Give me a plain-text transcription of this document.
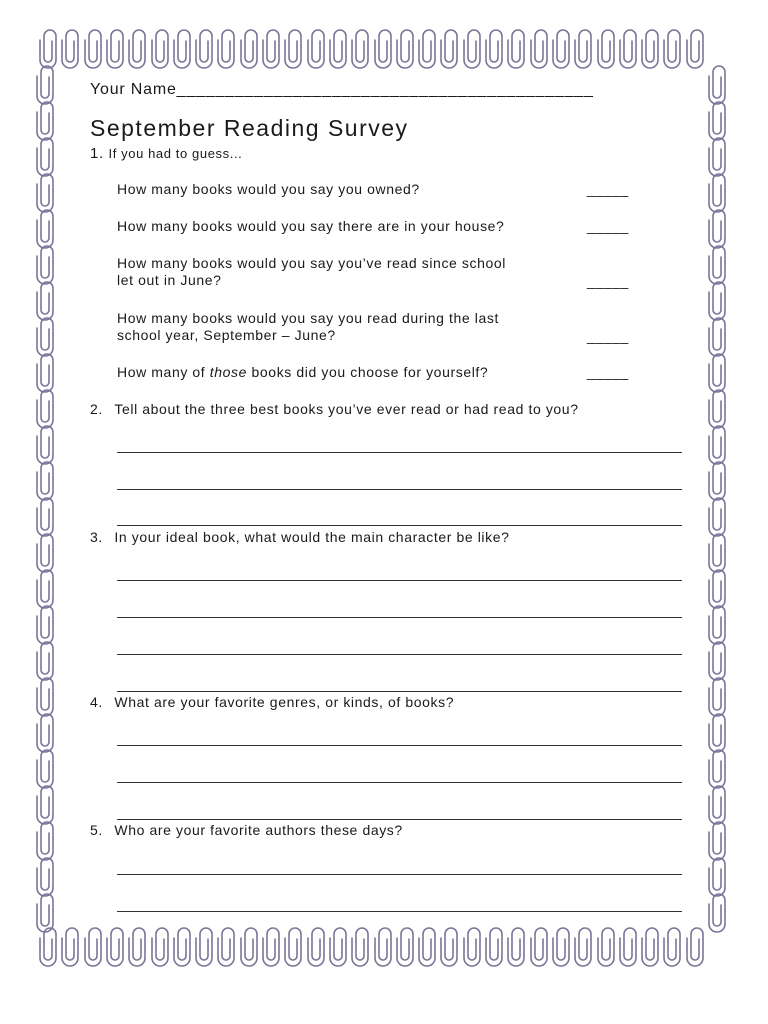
Your Name___________________________________________
September Reading Survey
1. If you had to guess...
How many books would you say you owned?	_____
How many books would you say there are in your house?	_____
How many books would you say you’ve read since school
let out in June?	_____
How many books would you say you read during the last
school year, September – June?	_____
How many of those books did you choose for yourself?	_____
2. Tell about the three best books you’ve ever read or had read to you?
3. In your ideal book, what would the main character be like?
4. What are your favorite genres, or kinds, of books?
5. Who are your favorite authors these days?
